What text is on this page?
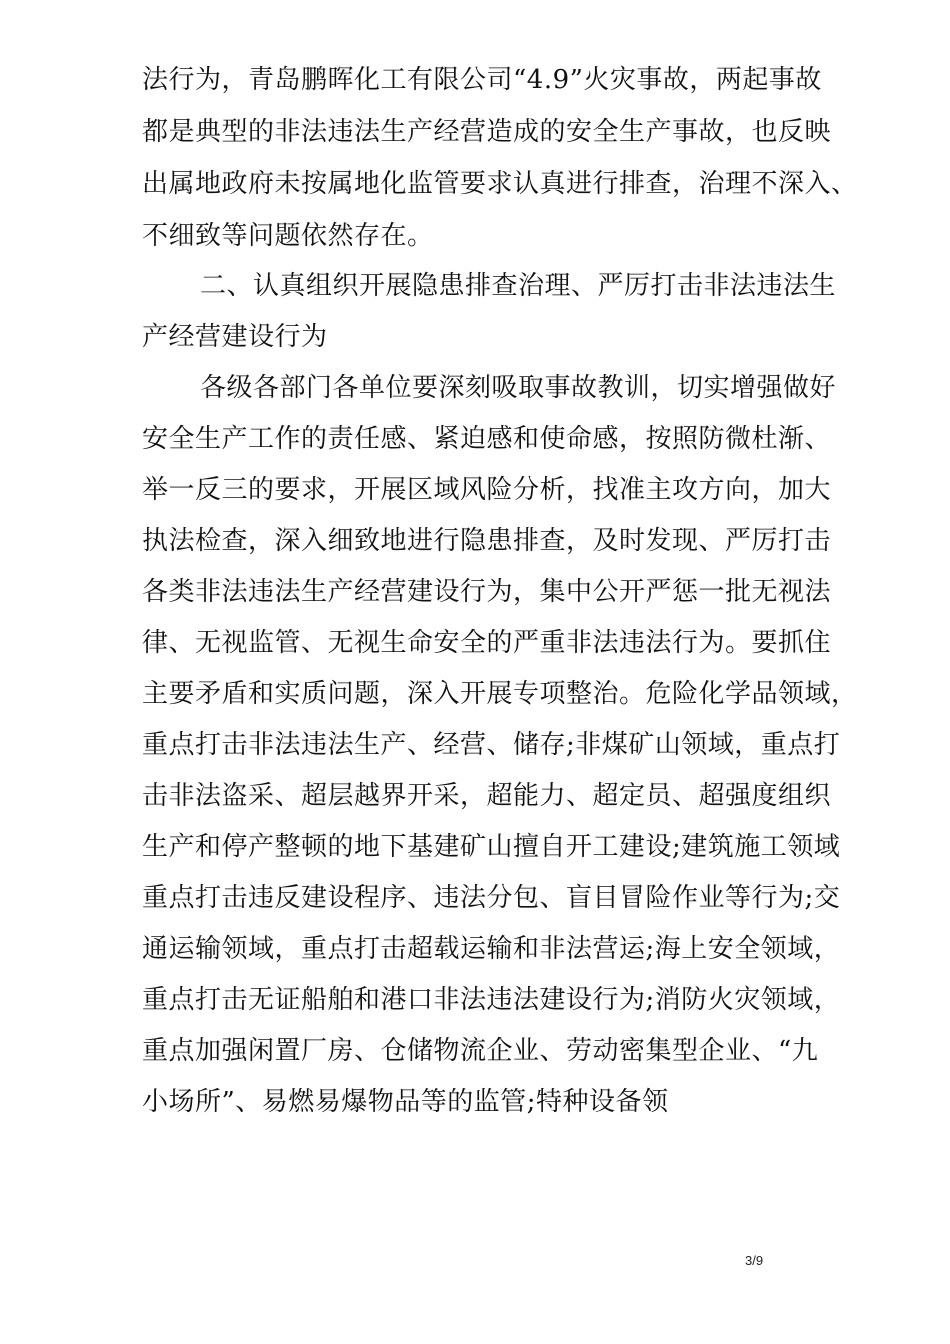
法行为，青岛鹏晖化工有限公司“4.9”火灾事故，两起事故
都是典型的非法违法生产经营造成的安全生产事故，也反映
出属地政府未按属地化监管要求认真进行排查，治理不深入、
不细致等问题依然存在。
二、认真组织开展隐患排查治理、严厉打击非法违法生
产经营建设行为
各级各部门各单位要深刻吸取事故教训，切实增强做好
安全生产工作的责任感、紧迫感和使命感，按照防微杜渐、
举一反三的要求，开展区域风险分析，找准主攻方向，加大
执法检查，深入细致地进行隐患排查，及时发现、严厉打击
各类非法违法生产经营建设行为，集中公开严惩一批无视法
律、无视监管、无视生命安全的严重非法违法行为。要抓住
主要矛盾和实质问题，深入开展专项整治。危险化学品领域，
重点打击非法违法生产、经营、储存;非煤矿山领域，重点打
击非法盗采、超层越界开采，超能力、超定员、超强度组织
生产和停产整顿的地下基建矿山擅自开工建设;建筑施工领域
重点打击违反建设程序、违法分包、盲目冒险作业等行为;交
通运输领域，重点打击超载运输和非法营运;海上安全领域，
重点打击无证船舶和港口非法违法建设行为;消防火灾领域，
重点加强闲置厂房、仓储物流企业、劳动密集型企业、“九
小场所”、易燃易爆物品等的监管;特种设备领
3/9
